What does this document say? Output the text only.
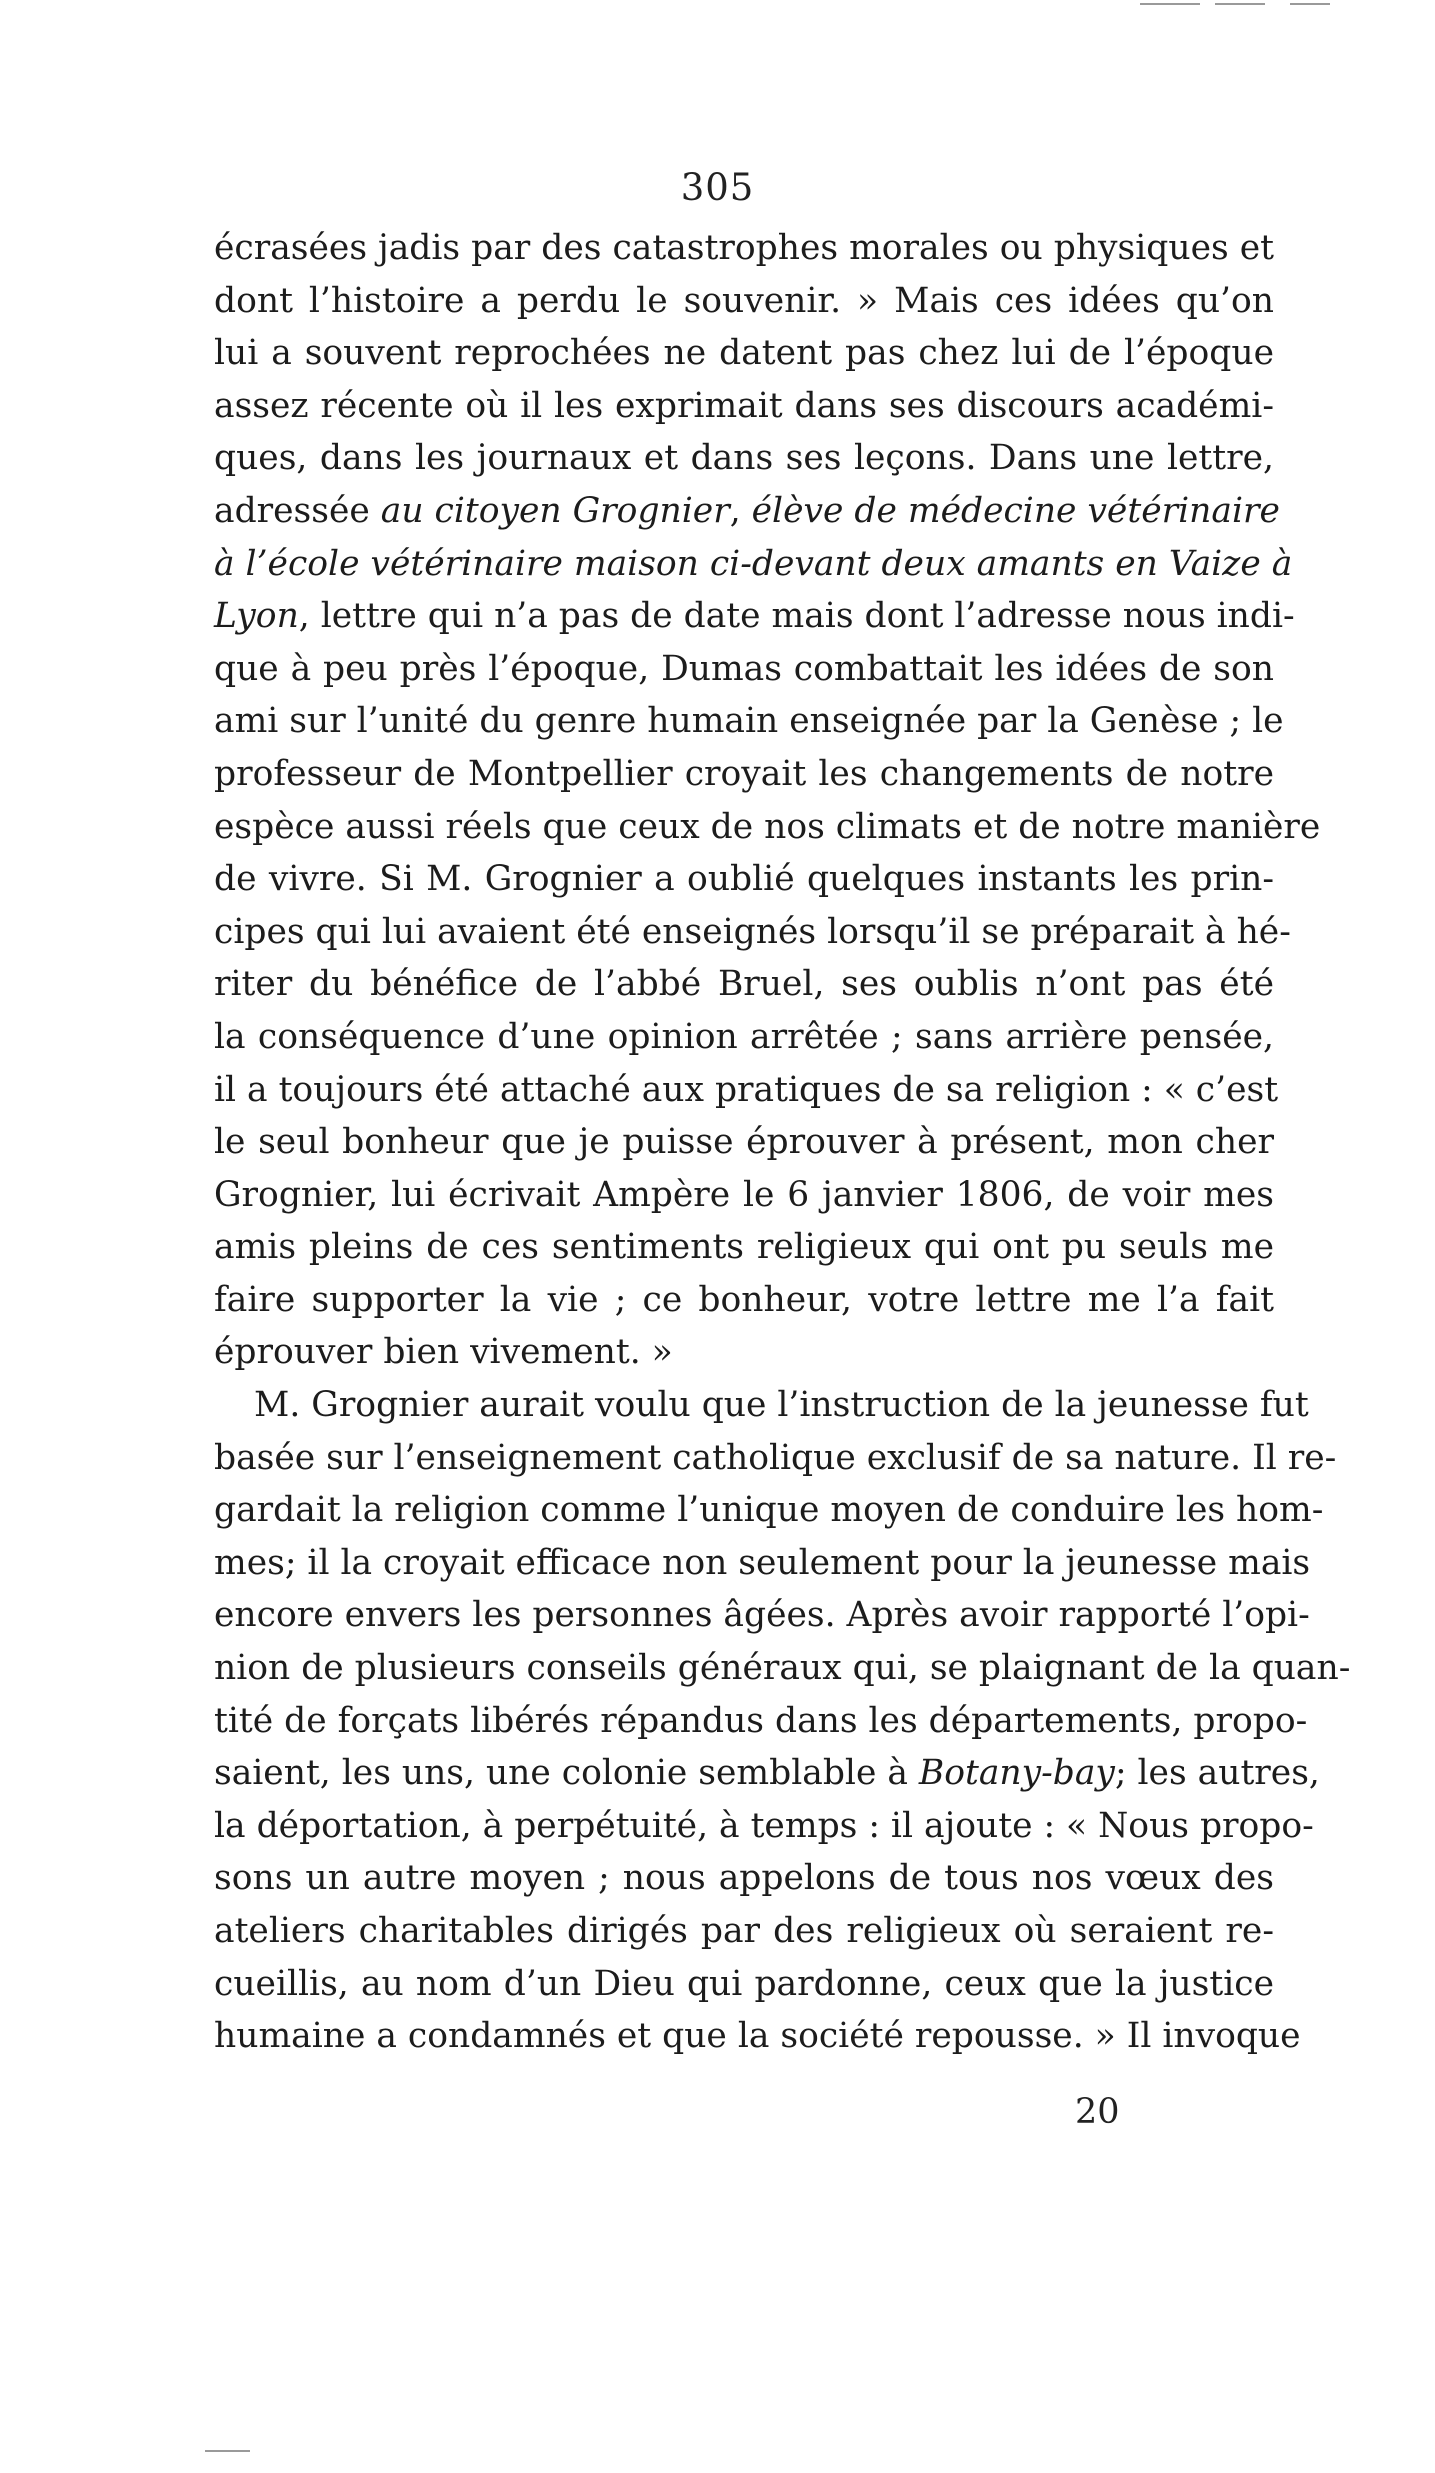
305
écrasées jadis par des catastrophes morales ou physiques et
dont l’histoire a perdu le souvenir. » Mais ces idées qu’on
lui a souvent reprochées ne datent pas chez lui de l’époque
assez récente où il les exprimait dans ses discours académi-
ques, dans les journaux et dans ses leçons. Dans une lettre,
adressée au citoyen Grognier, élève de médecine vétérinaire
à l’école vétérinaire maison ci-devant deux amants en Vaize à
Lyon, lettre qui n’a pas de date mais dont l’adresse nous indi-
que à peu près l’époque, Dumas combattait les idées de son
ami sur l’unité du genre humain enseignée par la Genèse ; le
professeur de Montpellier croyait les changements de notre
espèce aussi réels que ceux de nos climats et de notre manière
de vivre. Si M. Grognier a oublié quelques instants les prin-
cipes qui lui avaient été enseignés lorsqu’il se préparait à hé-
riter du bénéfice de l’abbé Bruel, ses oublis n’ont pas été
la conséquence d’une opinion arrêtée ; sans arrière pensée,
il a toujours été attaché aux pratiques de sa religion : « c’est
le seul bonheur que je puisse éprouver à présent, mon cher
Grognier, lui écrivait Ampère le 6 janvier 1806, de voir mes
amis pleins de ces sentiments religieux qui ont pu seuls me
faire supporter la vie ; ce bonheur, votre lettre me l’a fait
éprouver bien vivement. »
M. Grognier aurait voulu que l’instruction de la jeunesse fut
basée sur l’enseignement catholique exclusif de sa nature. Il re-
gardait la religion comme l’unique moyen de conduire les hom-
mes; il la croyait efficace non seulement pour la jeunesse mais
encore envers les personnes âgées. Après avoir rapporté l’opi-
nion de plusieurs conseils généraux qui, se plaignant de la quan-
tité de forçats libérés répandus dans les départements, propo-
saient, les uns, une colonie semblable à Botany-bay; les autres,
la déportation, à perpétuité, à temps : il ajoute : « Nous propo-
sons un autre moyen ; nous appelons de tous nos vœux des
ateliers charitables dirigés par des religieux où seraient re-
cueillis, au nom d’un Dieu qui pardonne, ceux que la justice
humaine a condamnés et que la société repousse. » Il invoque
20
